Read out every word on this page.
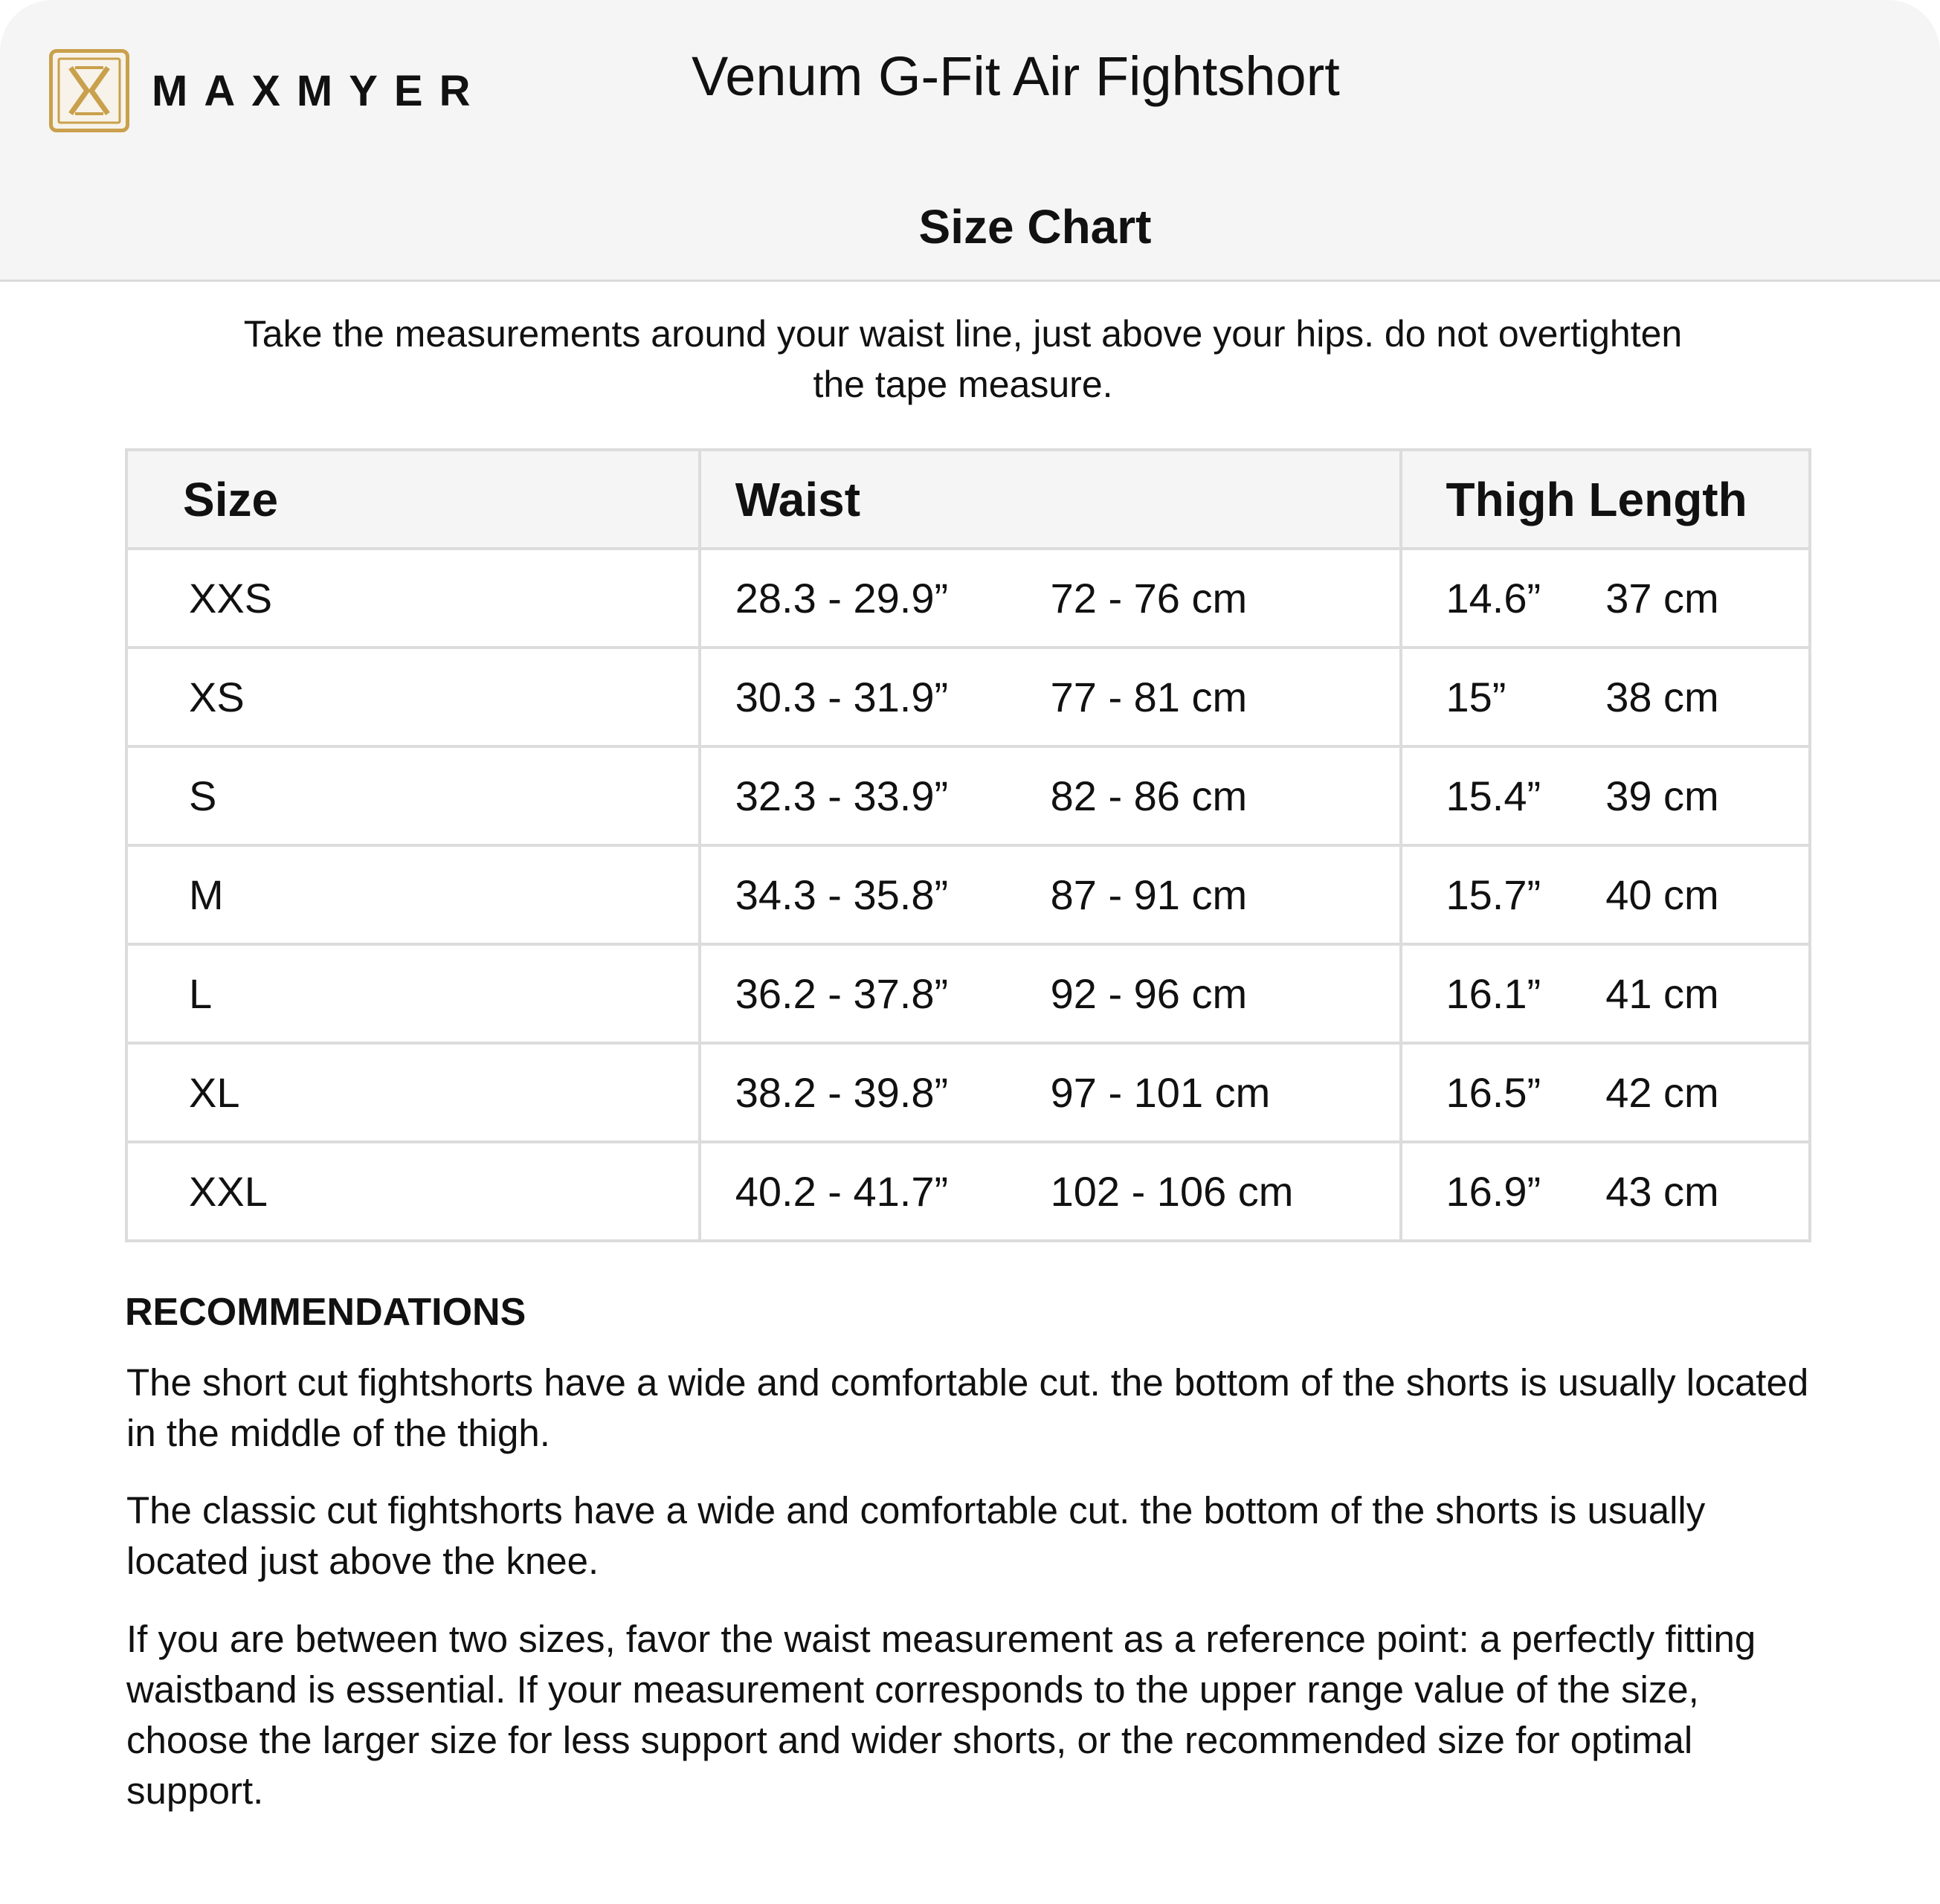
MAXMYER	Venum G-Fit Air Fightshort
Size Chart
Take the measurements around your waist line, just above your hips. do not overtighten the tape measure.
Size	Waist		Thigh Length	
XXS	28.3 - 29.9”	72 - 76 cm	14.6”	37 cm
XS	30.3 - 31.9”	77 - 81 cm	15”	38 cm
S	32.3 - 33.9”	82 - 86 cm	15.4”	39 cm
M	34.3 - 35.8”	87 - 91 cm	15.7”	40 cm
L	36.2 - 37.8”	92 - 96 cm	16.1”	41 cm
XL	38.2 - 39.8”	97 - 101 cm	16.5”	42 cm
XXL	40.2 - 41.7”	102 - 106 cm	16.9”	43 cm
RECOMMENDATIONS

The short cut fightshorts have a wide and comfortable cut. the bottom of the shorts is usually located in the middle of the thigh.

The classic cut fightshorts have a wide and comfortable cut. the bottom of the shorts is usually located just above the knee.

If you are between two sizes, favor the waist measurement as a reference point: a perfectly fitting waistband is essential. If your measurement corresponds to the upper range value of the size, choose the larger size for less support and wider shorts, or the recommended size for optimal support.
